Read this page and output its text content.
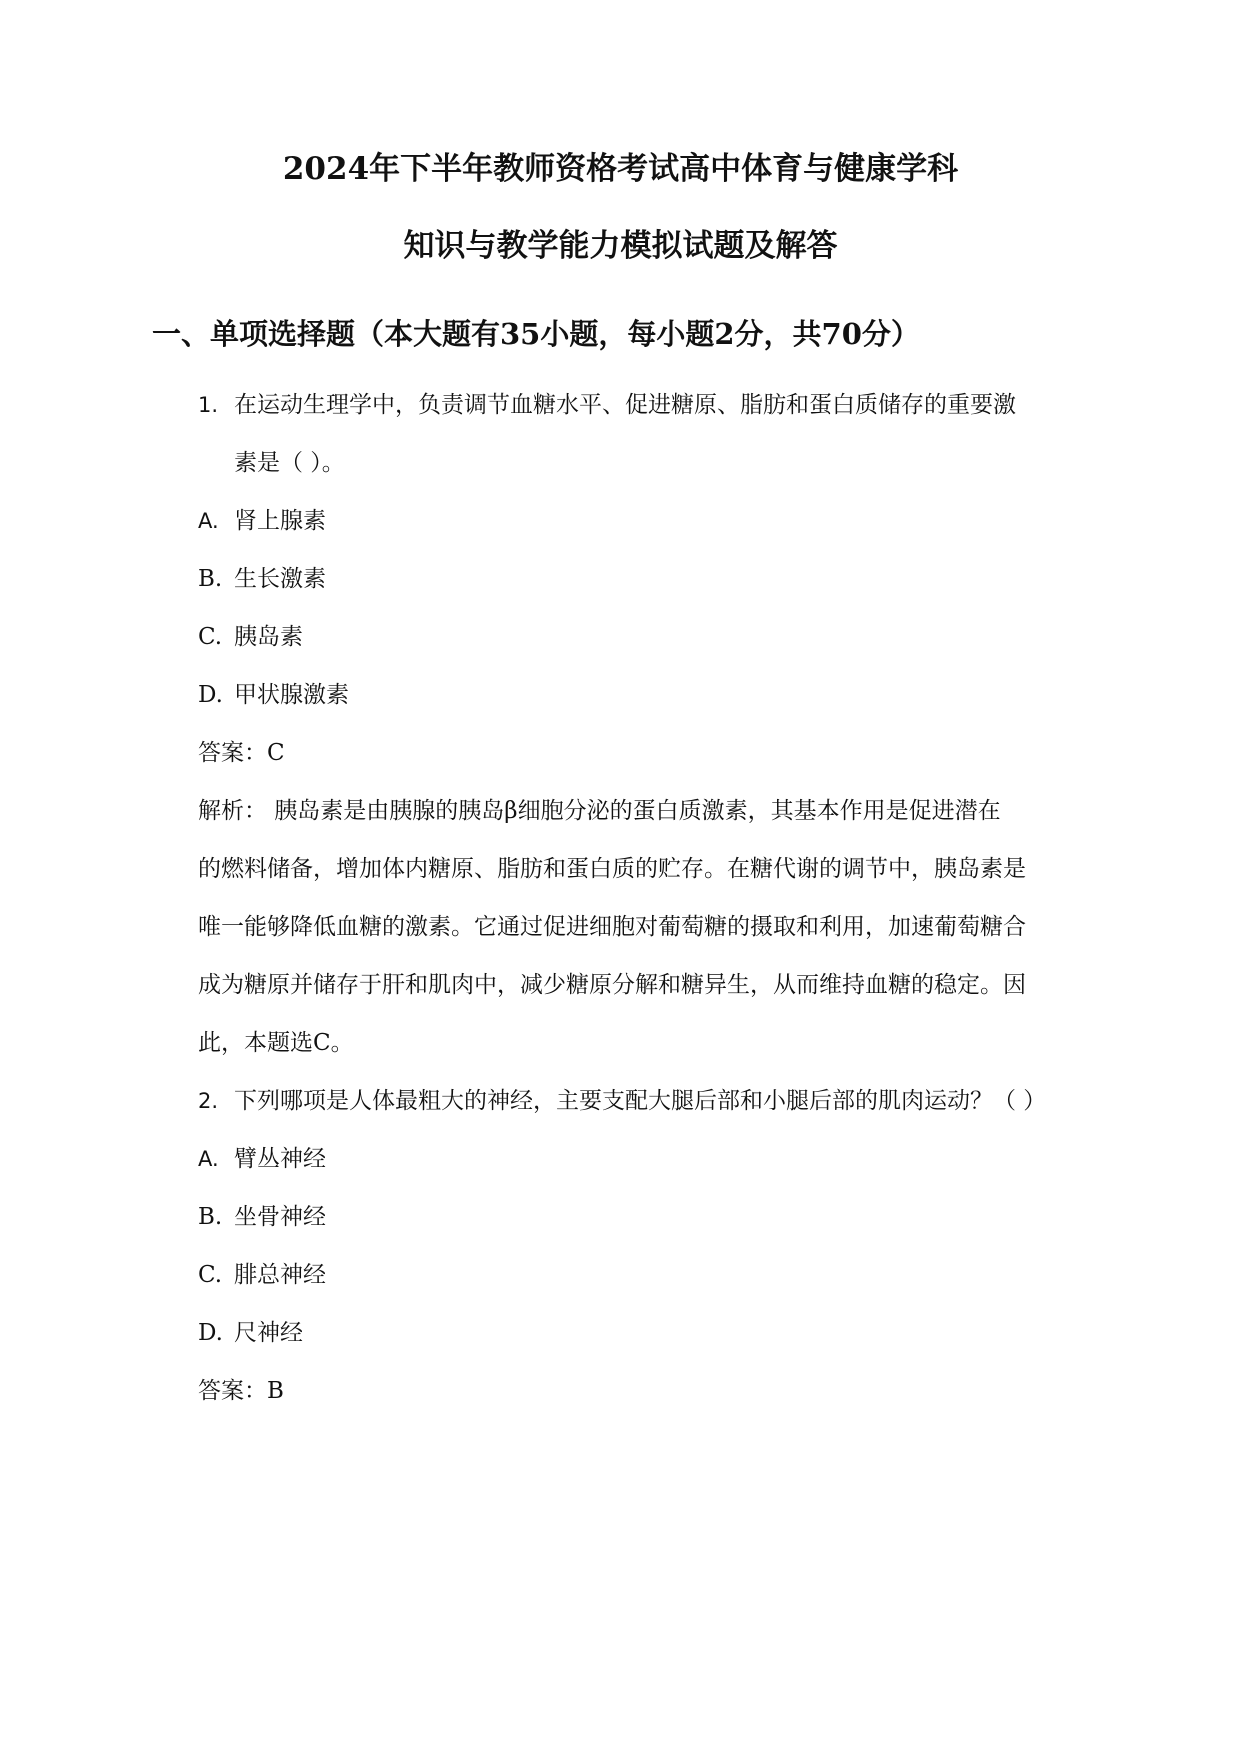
2024年下半年教师资格考试高中体育与健康学科
知识与教学能力模拟试题及解答
一、单项选择题（本大题有35小题，每小题2分，共70分）
1. 在运动生理学中，负责调节血糖水平、促进糖原、脂肪和蛋白质储存的重要激
素是（ ）。
A. 肾上腺素
B. 生长激素
C. 胰岛素
D. 甲状腺激素
答案：C
解析： 胰岛素是由胰腺的胰岛β细胞分泌的蛋白质激素，其基本作用是促进潜在
的燃料储备，增加体内糖原、脂肪和蛋白质的贮存。在糖代谢的调节中，胰岛素是
唯一能够降低血糖的激素。它通过促进细胞对葡萄糖的摄取和利用，加速葡萄糖合
成为糖原并储存于肝和肌肉中，减少糖原分解和糖异生，从而维持血糖的稳定。因
此，本题选C。
2. 下列哪项是人体最粗大的神经，主要支配大腿后部和小腿后部的肌肉运动？（ ）
A. 臂丛神经
B. 坐骨神经
C. 腓总神经
D. 尺神经
答案：B
